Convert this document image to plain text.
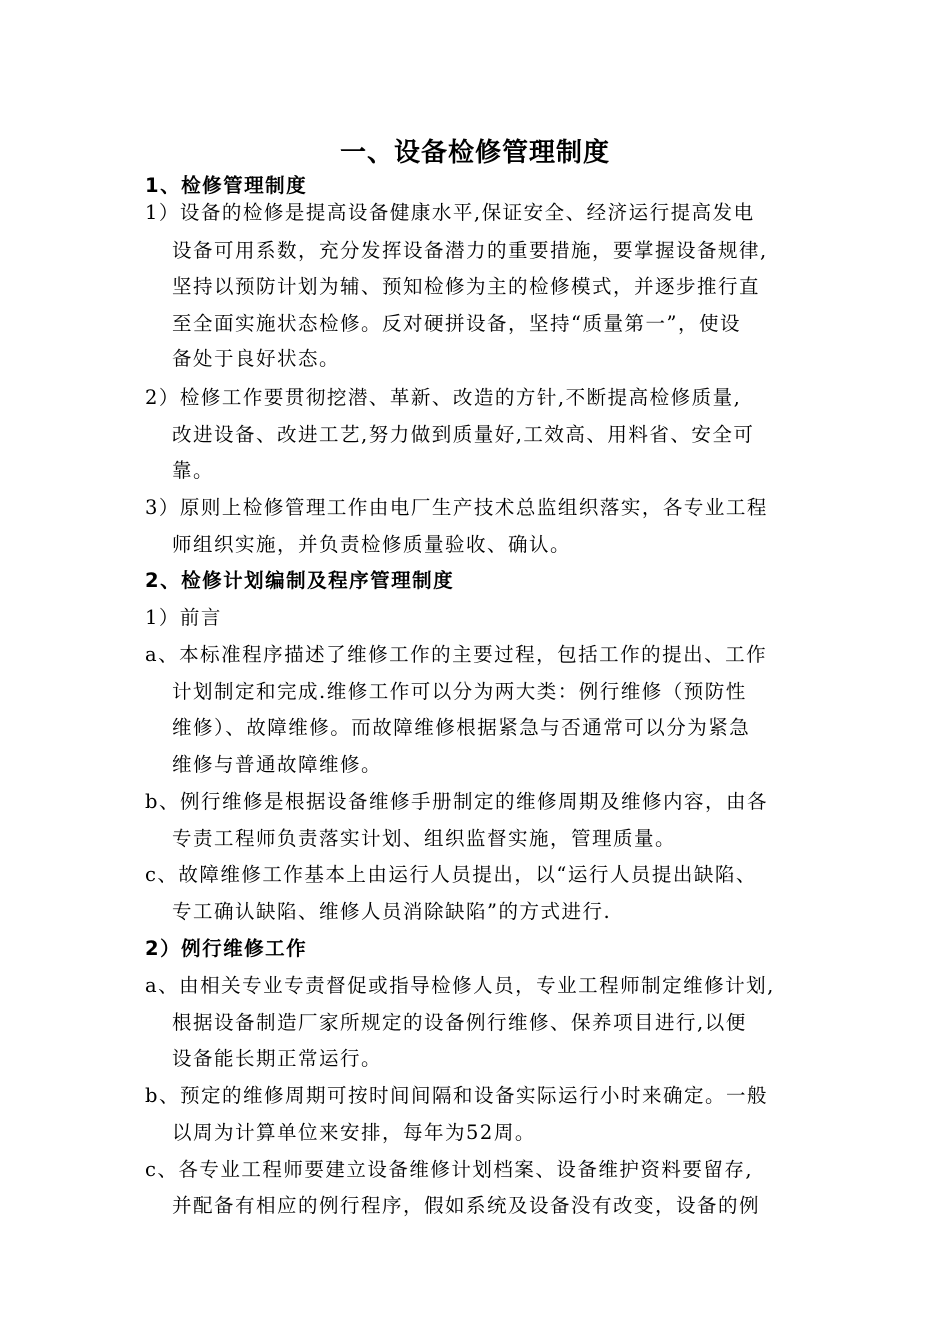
一、设备检修管理制度
1、检修管理制度
1）设备的检修是提高设备健康水平,保证安全、经济运行提高发电
设备可用系数，充分发挥设备潜力的重要措施，要掌握设备规律,
坚持以预防计划为辅、预知检修为主的检修模式，并逐步推行直
至全面实施状态检修。反对硬拼设备，坚持“质量第一”，使设
备处于良好状态。
2）检修工作要贯彻挖潜、革新、改造的方针,不断提高检修质量,
改进设备、改进工艺,努力做到质量好,工效高、用料省、安全可
靠。
3）原则上检修管理工作由电厂生产技术总监组织落实，各专业工程
师组织实施，并负责检修质量验收、确认。
2、检修计划编制及程序管理制度
1）前言
a、本标准程序描述了维修工作的主要过程，包括工作的提出、工作
计划制定和完成.维修工作可以分为两大类：例行维修（预防性
维修）、故障维修。而故障维修根据紧急与否通常可以分为紧急
维修与普通故障维修。
b、例行维修是根据设备维修手册制定的维修周期及维修内容，由各
专责工程师负责落实计划、组织监督实施，管理质量。
c、故障维修工作基本上由运行人员提出，以“运行人员提出缺陷、
专工确认缺陷、维修人员消除缺陷”的方式进行.
2）例行维修工作
a、由相关专业专责督促或指导检修人员，专业工程师制定维修计划,
根据设备制造厂家所规定的设备例行维修、保养项目进行,以便
设备能长期正常运行。
b、预定的维修周期可按时间间隔和设备实际运行小时来确定。一般
以周为计算单位来安排，每年为52周。
c、各专业工程师要建立设备维修计划档案、设备维护资料要留存,
并配备有相应的例行程序，假如系统及设备没有改变，设备的例
